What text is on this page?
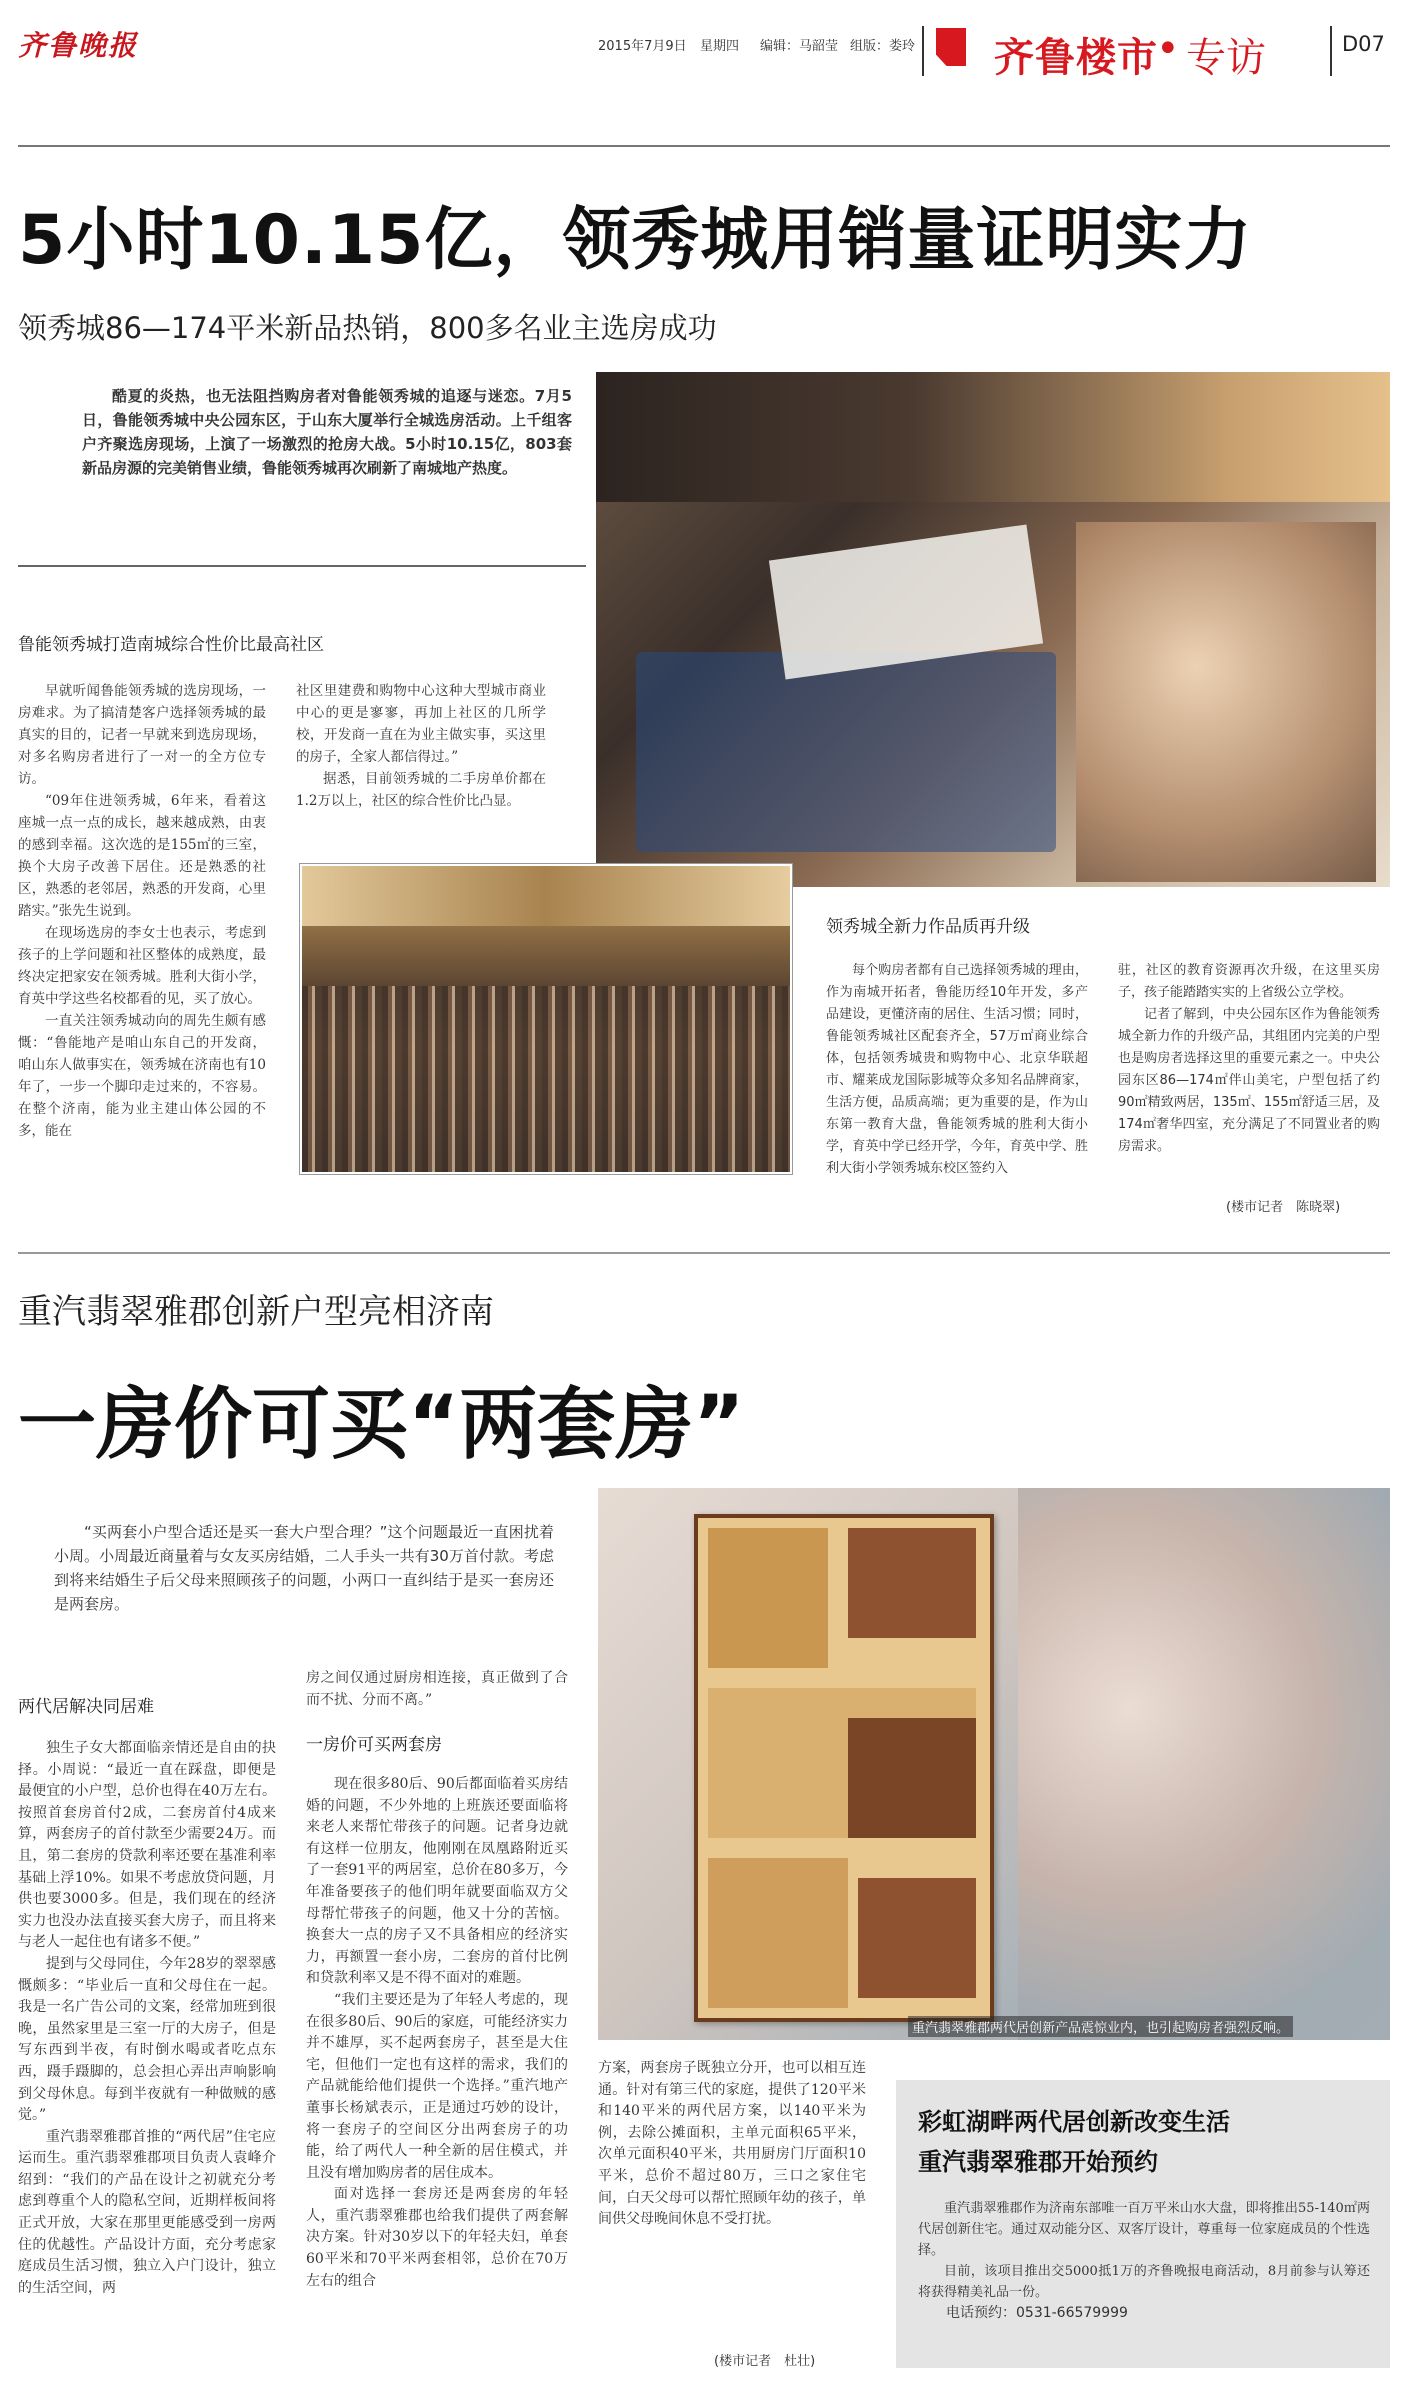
齐鲁晚报	2015年7月9日 星期四 编辑：马韶莹 组版：娄玲 齐鲁楼市
• 专访	D07
5小时10.15亿，领秀城用销量证明实力
领秀城86—174平米新品热销，800多名业主选房成功

酷夏的炎热，也无法阻挡购房者对鲁能领秀城的追逐与迷恋。7月5日，鲁能领秀城中央公园东区，于山东大厦举行全城选房活动。上千组客户齐聚选房现场，上演了一场激烈的抢房大战。5小时10.15亿，803套新品房源的完美销售业绩，鲁能领秀城再次刷新了南城地产热度。

鲁能领秀城打造南城综合性价比最高社区

早就听闻鲁能领秀城的选房现场，一房难求。为了搞清楚客户选择领秀城的最真实的目的，记者一早就来到选房现场，对多名购房者进行了一对一的全方位专访。

“09年住进领秀城，6年来，看着这座城一点一点的成长，越来越成熟，由衷的感到幸福。这次选的是155㎡的三室，换个大房子改善下居住。还是熟悉的社区，熟悉的老邻居，熟悉的开发商，心里踏实。”张先生说到。

在现场选房的李女士也表示，考虑到孩子的上学问题和社区整体的成熟度，最终决定把家安在领秀城。胜利大街小学，育英中学这些名校都看的见，买了放心。

一直关注领秀城动向的周先生颇有感慨：“鲁能地产是咱山东自己的开发商，咱山东人做事实在，领秀城在济南也有10年了，一步一个脚印走过来的，不容易。在整个济南，能为业主建山体公园的不多，能在

社区里建费和购物中心这种大型城市商业中心的更是寥寥，再加上社区的几所学校，开发商一直在为业主做实事，买这里的房子，全家人都信得过。”

据悉，目前领秀城的二手房单价都在1.2万以上，社区的综合性价比凸显。

领秀城全新力作品质再升级

每个购房者都有自己选择领秀城的理由，作为南城开拓者，鲁能历经10年开发，多产品建设，更懂济南的居住、生活习惯；同时，鲁能领秀城社区配套齐全，57万㎡商业综合体，包括领秀城贵和购物中心、北京华联超市、耀莱成龙国际影城等众多知名品牌商家，生活方便，品质高端；更为重要的是，作为山东第一教育大盘，鲁能领秀城的胜利大街小学，育英中学已经开学，今年，育英中学、胜利大街小学领秀城东校区签约入

驻，社区的教育资源再次升级，在这里买房子，孩子能踏踏实实的上省级公立学校。

记者了解到，中央公园东区作为鲁能领秀城全新力作的升级产品，其组团内完美的户型也是购房者选择这里的重要元素之一。中央公园东区86—174㎡伴山美宅，户型包括了约90㎡精致两居，135㎡、155㎡舒适三居，及174㎡奢华四室，充分满足了不同置业者的购房需求。

(楼市记者　陈晓翠)
重汽翡翠雅郡创新户型亮相济南
一房价可买“两套房”

“买两套小户型合适还是买一套大户型合理？”这个问题最近一直困扰着小周。小周最近商量着与女友买房结婚，二人手头一共有30万首付款。考虑到将来结婚生子后父母来照顾孩子的问题，小两口一直纠结于是买一套房还是两套房。

重汽翡翠雅郡两代居创新产品震惊业内，也引起购房者强烈反响。
两代居解决同居难

独生子女大都面临亲情还是自由的抉择。小周说：“最近一直在踩盘，即便是最便宜的小户型，总价也得在40万左右。按照首套房首付2成，二套房首付4成来算，两套房子的首付款至少需要24万。而且，第二套房的贷款利率还要在基准利率基础上浮10%。如果不考虑放贷问题，月供也要3000多。但是，我们现在的经济实力也没办法直接买套大房子，而且将来与老人一起住也有诸多不便。”

提到与父母同住，今年28岁的翠翠感慨颇多：“毕业后一直和父母住在一起。我是一名广告公司的文案，经常加班到很晚，虽然家里是三室一厅的大房子，但是写东西到半夜，有时倒水喝或者吃点东西，蹑手蹑脚的，总会担心弄出声响影响到父母休息。每到半夜就有一种做贼的感觉。”

重汽翡翠雅郡首推的“两代居”住宅应运而生。重汽翡翠雅郡项目负责人袁峰介绍到：“我们的产品在设计之初就充分考虑到尊重个人的隐私空间，近期样板间将正式开放，大家在那里更能感受到一房两住的优越性。产品设计方面，充分考虑家庭成员生活习惯，独立入户门设计，独立的生活空间，两

房之间仅通过厨房相连接，真正做到了合而不扰、分而不离。”

一房价可买两套房

现在很多80后、90后都面临着买房结婚的问题，不少外地的上班族还要面临将来老人来帮忙带孩子的问题。记者身边就有这样一位朋友，他刚刚在凤凰路附近买了一套91平的两居室，总价在80多万，今年准备要孩子的他们明年就要面临双方父母帮忙带孩子的问题，他又十分的苦恼。换套大一点的房子又不具备相应的经济实力，再额置一套小房，二套房的首付比例和贷款利率又是不得不面对的难题。

“我们主要还是为了年轻人考虑的，现在很多80后、90后的家庭，可能经济实力并不雄厚，买不起两套房子，甚至是大住宅，但他们一定也有这样的需求，我们的产品就能给他们提供一个选择。”重汽地产董事长杨斌表示，正是通过巧妙的设计，将一套房子的空间区分出两套房子的功能，给了两代人一种全新的居住模式，并且没有增加购房者的居住成本。

面对选择一套房还是两套房的年轻人，重汽翡翠雅郡也给我们提供了两套解决方案。针对30岁以下的年轻夫妇，单套60平米和70平米两套相邻，总价在70万左右的组合

方案，两套房子既独立分开，也可以相互连通。针对有第三代的家庭，提供了120平米和140平米的两代居方案，以140平米为例，去除公摊面积，主单元面积65平米，次单元面积40平米，共用厨房门厅面积10平米，总价不超过80万，三口之家住宅间，白天父母可以帮忙照顾年幼的孩子，单间供父母晚间休息不受打扰。

(楼市记者　杜壮)
彩虹湖畔两代居创新改变生活
重汽翡翠雅郡开始预约

重汽翡翠雅郡作为济南东部唯一百万平米山水大盘，即将推出55-140㎡两代居创新住宅。通过双动能分区、双客厅设计，尊重每一位家庭成员的个性选择。

目前，该项目推出交5000抵1万的齐鲁晚报电商活动，8月前参与认筹还将获得精美礼品一份。

电话预约：0531-66579999
